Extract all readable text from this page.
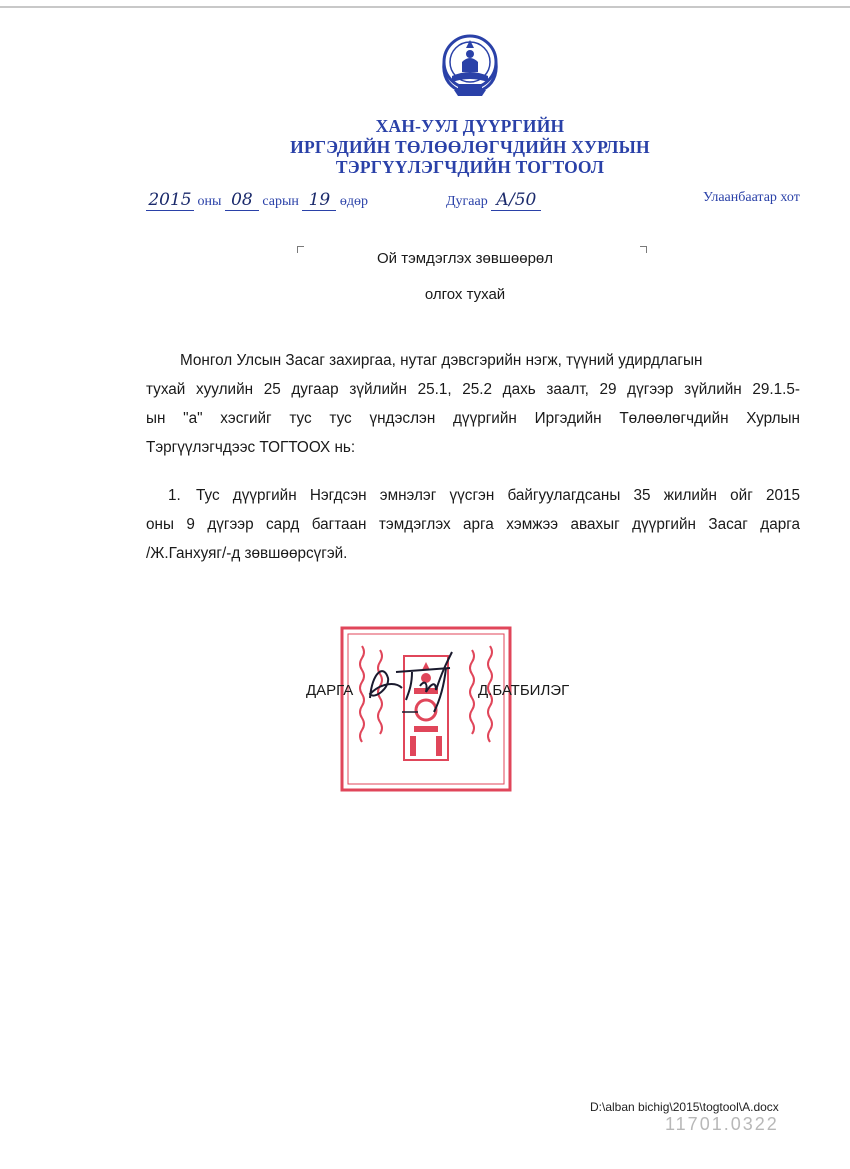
ХАН-УУЛ ДҮҮРГИЙН
ИРГЭДИЙН ТӨЛӨӨЛӨГЧДИЙН ХУРЛЫН
ТЭРГҮҮЛЭГЧДИЙН ТОГТООЛ
2015 оны 08 сарын 19 өдөр	Дугаар А/50	Улаанбаатар хот
Ой тэмдэглэх зөвшөөрөл
олгох тухай
Монгол Улсын Засаг захиргаа, нутаг дэвсгэрийн нэгж, түүний удирдлагын
тухай хуулийн 25 дугаар зүйлийн 25.1, 25.2 дахь заалт, 29 дүгээр зүйлийн 29.1.5-
ын "а" хэсгийг тус тус үндэслэн дүүргийн Иргэдийн Төлөөлөгчдийн Хурлын
Тэргүүлэгчдээс ТОГТООХ нь:
1. Тус дүүргийн Нэгдсэн эмнэлэг үүсгэн байгуулагдсаны 35 жилийн ойг 2015
оны 9 дүгээр сард багтаан тэмдэглэх арга хэмжээ авахыг дүүргийн Засаг дарга
/Ж.Ганхуяг/-д зөвшөөрсүгэй.
ДАРГА	Д.БАТБИЛЭГ
D:\alban bichig\2015\togtool\A.docx
11701.0322
